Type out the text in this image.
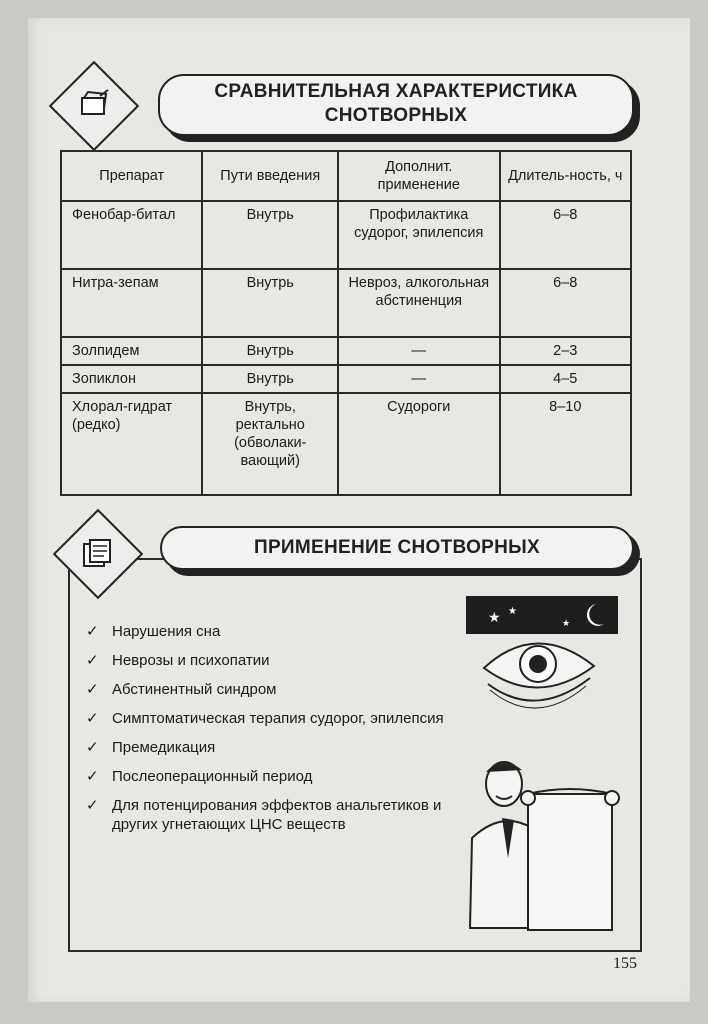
СРАВНИТЕЛЬНАЯ ХАРАКТЕРИСТИКА
СНОТВОРНЫХ
Препарат	Пути введения	Дополнит. применение	Длитель-ность, ч
Фенобар-битал	Внутрь	Профилактика судорог, эпилепсия	6–8
Нитра-зепам	Внутрь	Невроз, алкогольная абстиненция	6–8
Золпидем	Внутрь	—	2–3
Зопиклон	Внутрь	—	4–5
Хлорал-гидрат (редко)	Внутрь, ректально (обволаки-вающий)	Судороги	8–10
ПРИМЕНЕНИЕ СНОТВОРНЫХ
✓ Нарушения сна
✓ Неврозы и психопатии
✓ Абстинентный синдром
✓ Симптоматическая терапия судорог, эпилепсия
✓ Премедикация
✓ Послеоперационный период
✓ Для потенцирования эффектов анальгетиков и других угнетающих ЦНС веществ
★ ★
★
155
